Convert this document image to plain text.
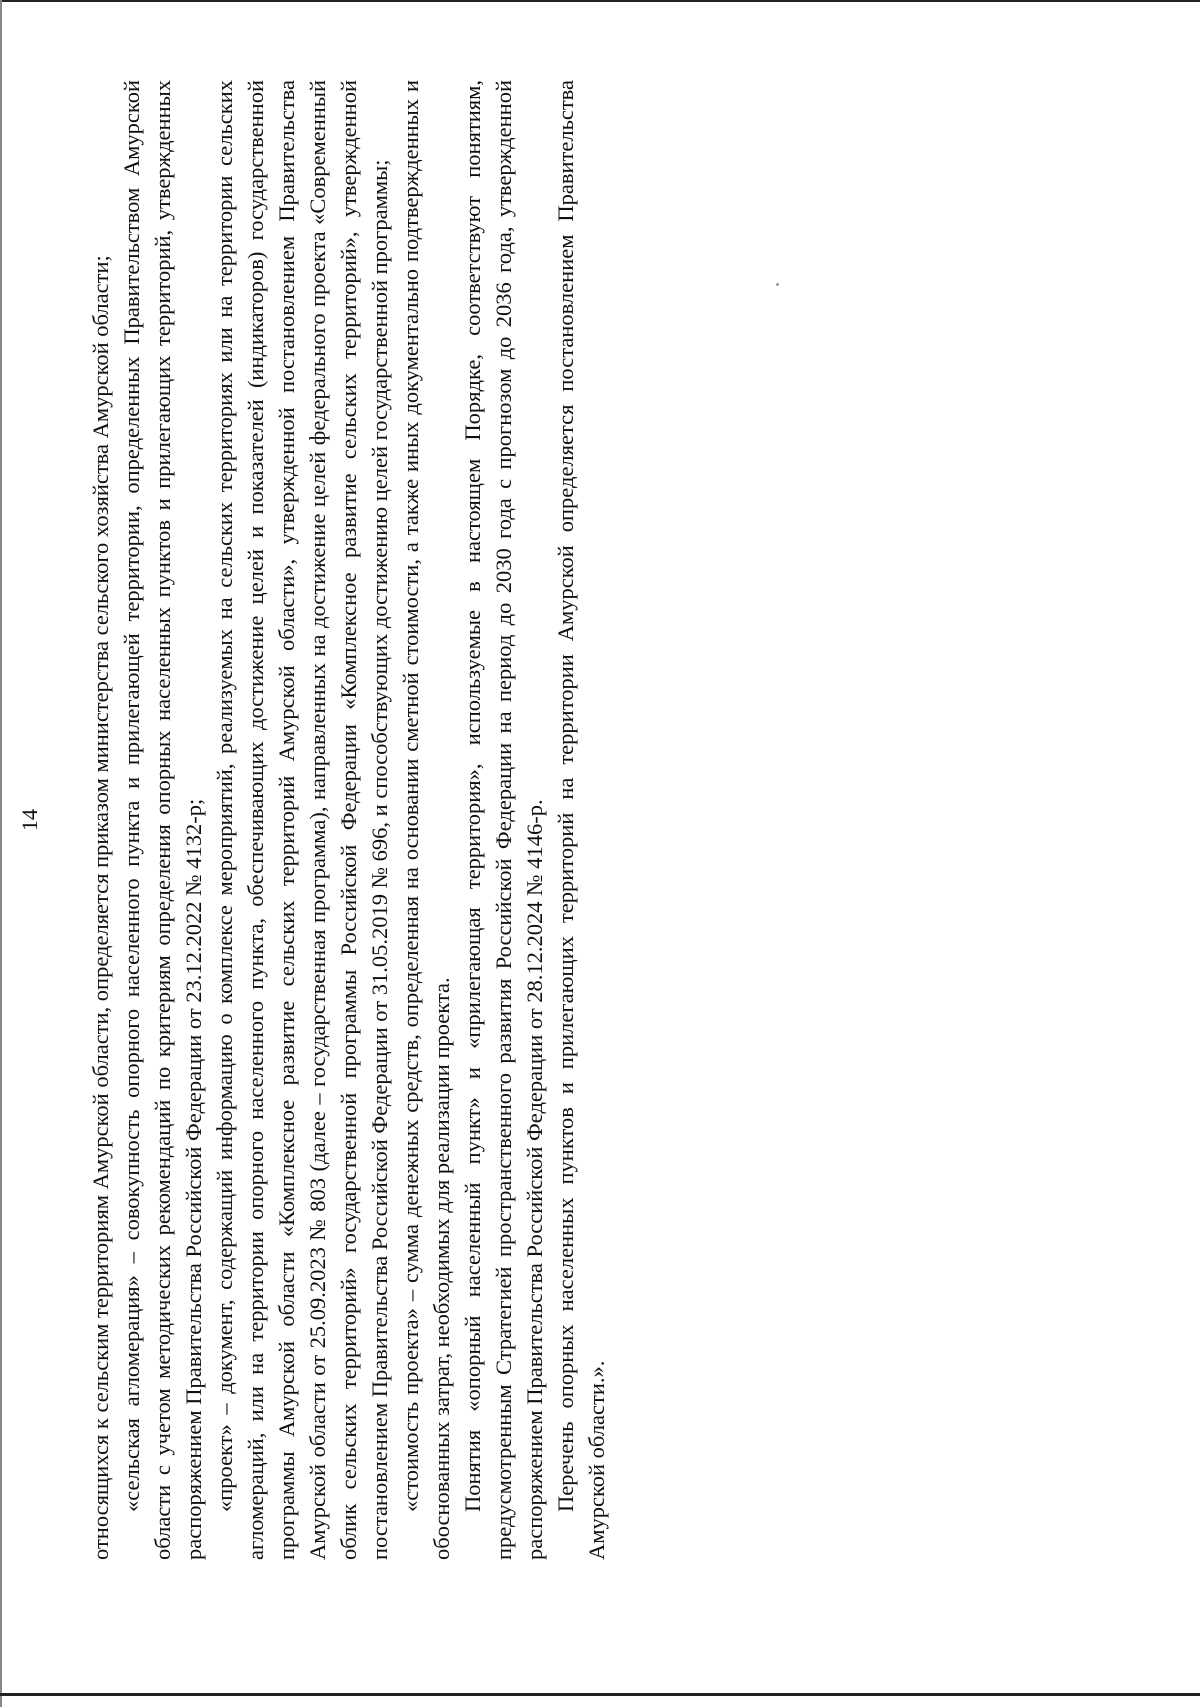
14 относящихся к сельским территориям Амурской области, определяется приказом министерства сельского хозяйства Амурской области; «сельская агломерация» – совокупность опорного населенного пункта и прилегающей территории, определенных Правительством Амурской области с учетом методических рекомендаций по критериям определения опорных населенных пунктов и прилегающих территорий, утвержденных распоряжением Правительства Российской Федерации от 23.12.2022 № 4132-р; «проект» – документ, содержащий информацию о комплексе мероприятий, реализуемых на сельских территориях или на территории сельских агломераций, или на территории опорного населенного пункта, обеспечивающих достижение целей и показателей (индикаторов) государственной программы Амурской области «Комплексное развитие сельских территорий Амурской области», утвержденной постановлением Правительства Амурской области от 25.09.2023 № 803 (далее – государственная программа), направленных на достижение целей федерального проекта «Современный облик сельских территорий» государственной программы Российской Федерации «Комплексное развитие сельских территорий», утвержденной постановлением Правительства Российской Федерации от 31.05.2019 № 696, и способствующих достижению целей государственной программы; «стоимость проекта» – сумма денежных средств, определенная на основании сметной стоимости, а также иных документально подтвержденных и обоснованных затрат, необходимых для реализации проекта. Понятия «опорный населенный пункт» и «прилегающая территория», используемые в настоящем Порядке, соответствуют понятиям, предусмотренным Стратегией пространственного развития Российской Федерации на период до 2030 года с прогнозом до 2036 года, утвержденной распоряжением Правительства Российской Федерации от 28.12.2024 № 4146-р. Перечень опорных населенных пунктов и прилегающих территорий на территории Амурской определяется постановлением Правительства Амурской области.».
